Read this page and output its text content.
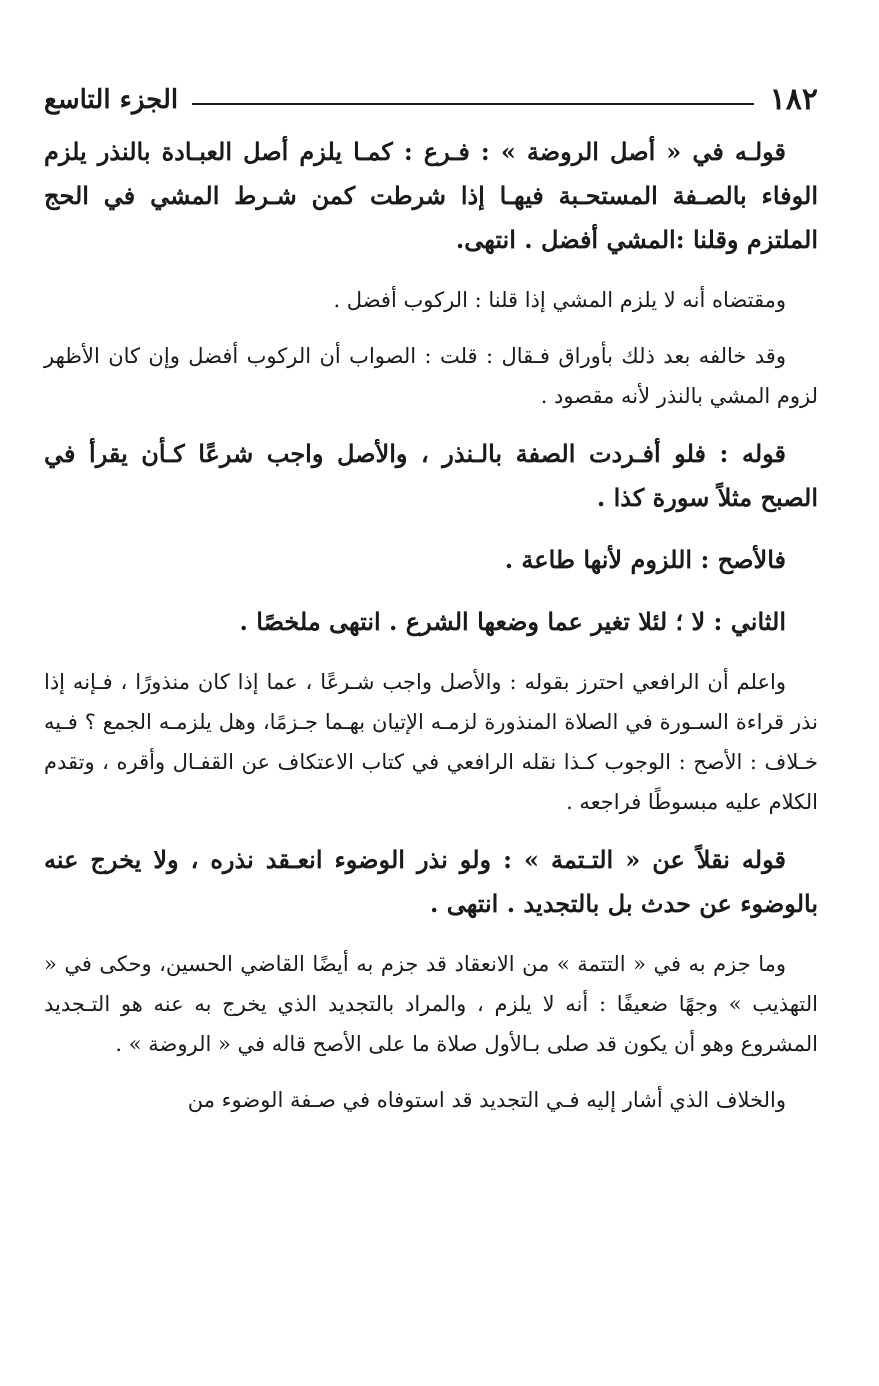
١٨٢
الجزء التاسع

قولـه في « أصل الروضة » : فـرع : كمـا يلزم أصل العبـادة بالنذر يلزم الوفاء بالصـفة المستحـبة فيهـا إذا شرطت كمن شـرط المشي في الحج الملتزم وقلنا :المشي أفضل . انتهى.

ومقتضاه أنه لا يلزم المشي إذا قلنا : الركوب أفضل .

وقد خالفه بعد ذلك بأوراق فـقال : قلت : الصواب أن الركوب أفضل وإن كان الأظهر لزوم المشي بالنذر لأنه مقصود .

قوله : فلو أفـردت الصفة بالـنذر ، والأصل واجب شرعًا كـأن يقرأ في الصبح مثلاً سورة كذا .

فالأصح : اللزوم لأنها طاعة .

الثاني : لا ؛ لئلا تغير عما وضعها الشرع . انتهى ملخصًا .

واعلم أن الرافعي احترز بقوله : والأصل واجب شـرعًا ، عما إذا كان منذورًا ، فـإنه إذا نذر قراءة السـورة في الصلاة المنذورة لزمـه الإتيان بهـما جـزمًا، وهل يلزمـه الجمع ؟ فـيه خـلاف : الأصح : الوجوب كـذا نقله الرافعي في كتاب الاعتكاف عن القفـال وأقره ، وتقدم الكلام عليه مبسوطًا فراجعه .

قوله نقلاً عن « التـتمة » : ولو نذر الوضوء انعـقد نذره ، ولا يخرج عنه بالوضوء عن حدث بل بالتجديد . انتهى .

وما جزم به في « التتمة » من الانعقاد قد جزم به أيضًا القاضي الحسين، وحكى في « التهذيب » وجهًا ضعيفًا : أنه لا يلزم ، والمراد بالتجديد الذي يخرج به عنه هو التـجديد المشروع وهو أن يكون قد صلى بـالأول صلاة ما على الأصح قاله في « الروضة » .

والخلاف الذي أشار إليه فـي التجديد قد استوفاه في صـفة الوضوء من
